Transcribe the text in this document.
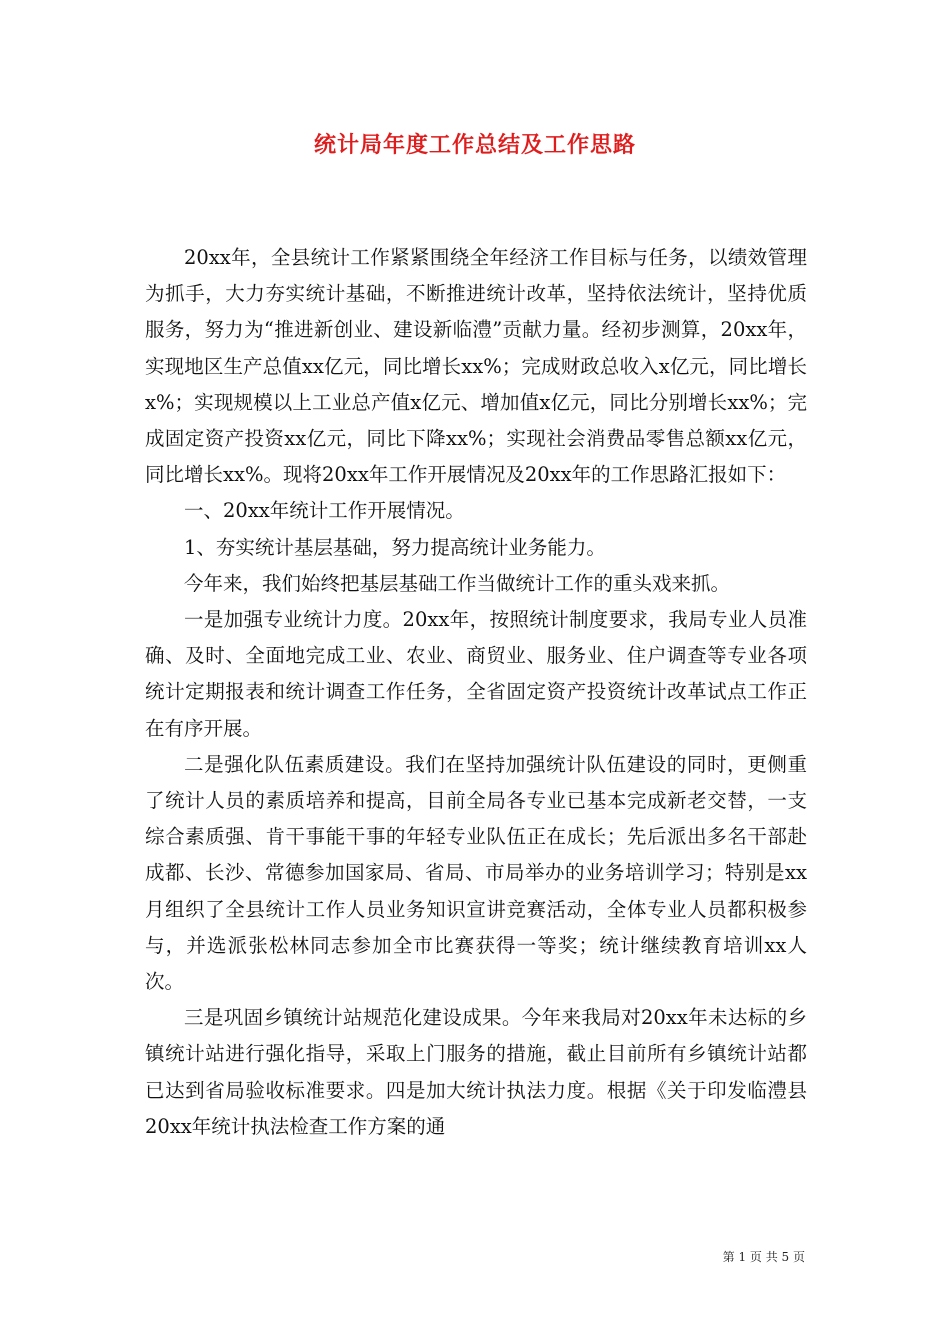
统计局年度工作总结及工作思路

20xx年，全县统计工作紧紧围绕全年经济工作目标与任务，以绩效管理为抓手，大力夯实统计基础，不断推进统计改革，坚持依法统计，坚持优质服务，努力为“推进新创业、建设新临澧”贡献力量。经初步测算，20xx年，实现地区生产总值xx亿元，同比增长xx%；完成财政总收入x亿元，同比增长x%；实现规模以上工业总产值x亿元、增加值x亿元，同比分别增长xx%；完成固定资产投资xx亿元，同比下降xx%；实现社会消费品零售总额xx亿元，同比增长xx%。现将20xx年工作开展情况及20xx年的工作思路汇报如下：

一、20xx年统计工作开展情况。

1、夯实统计基层基础，努力提高统计业务能力。

今年来，我们始终把基层基础工作当做统计工作的重头戏来抓。

一是加强专业统计力度。20xx年，按照统计制度要求，我局专业人员准确、及时、全面地完成工业、农业、商贸业、服务业、住户调查等专业各项统计定期报表和统计调查工作任务，全省固定资产投资统计改革试点工作正在有序开展。

二是强化队伍素质建设。我们在坚持加强统计队伍建设的同时，更侧重了统计人员的素质培养和提高，目前全局各专业已基本完成新老交替，一支综合素质强、肯干事能干事的年轻专业队伍正在成长；先后派出多名干部赴成都、长沙、常德参加国家局、省局、市局举办的业务培训学习；特别是xx月组织了全县统计工作人员业务知识宣讲竞赛活动，全体专业人员都积极参与，并选派张松林同志参加全市比赛获得一等奖；统计继续教育培训xx人次。

三是巩固乡镇统计站规范化建设成果。今年来我局对20xx年未达标的乡镇统计站进行强化指导，采取上门服务的措施，截止目前所有乡镇统计站都已达到省局验收标准要求。四是加大统计执法力度。根据《关于印发临澧县20xx年统计执法检查工作方案的通

第 1 页 共 5 页
